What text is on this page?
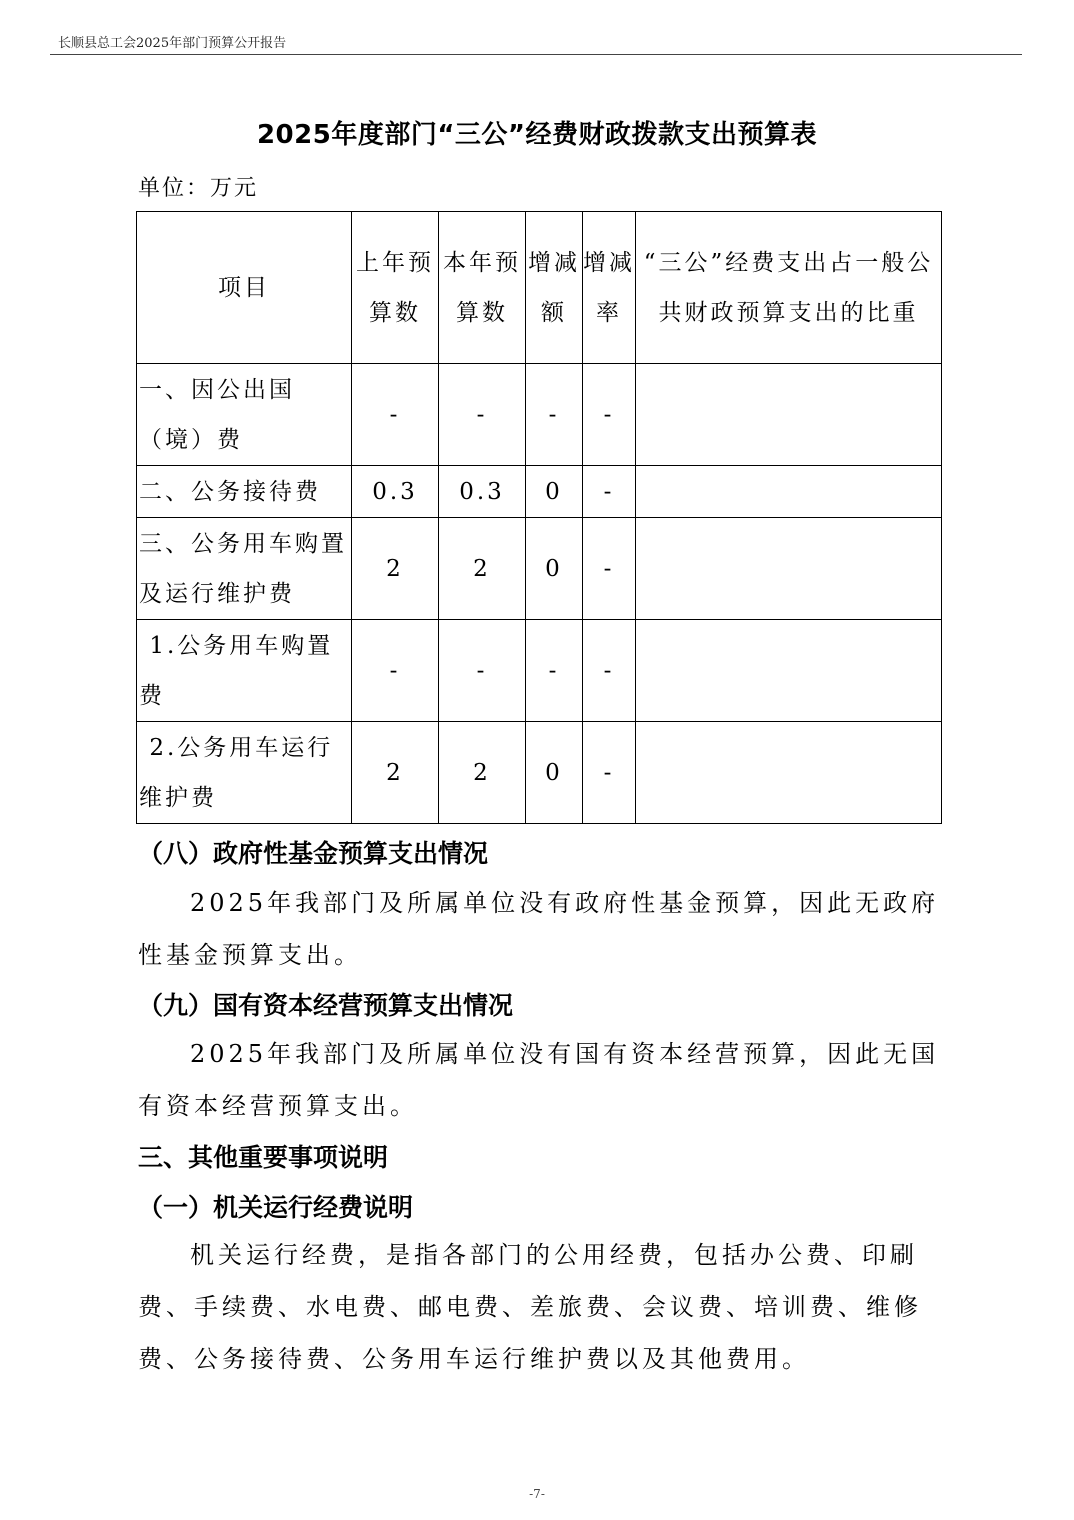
长顺县总工会2025年部门预算公开报告
2025年度部门“三公”经费财政拨款支出预算表
单位：万元
项目	上年预算数	本年预算数	增减额	增减率	“三公”经费支出占一般公共财政预算支出的比重
一、因公出国（境）费	-	-	-	-	
二、公务接待费	0.3	0.3	0	-	
三、公务用车购置及运行维护费	2	2	0	-	
1.公务用车购置费	-	-	-	-	
2.公务用车运行维护费	2	2	0	-	
（八）政府性基金预算支出情况
2025年我部门及所属单位没有政府性基金预算，因此无政府性基金预算支出。
（九）国有资本经营预算支出情况
2025年我部门及所属单位没有国有资本经营预算，因此无国有资本经营预算支出。
三、其他重要事项说明
（一）机关运行经费说明
机关运行经费，是指各部门的公用经费，包括办公费、印刷费、手续费、水电费、邮电费、差旅费、会议费、培训费、维修费、公务接待费、公务用车运行维护费以及其他费用。
-7-
